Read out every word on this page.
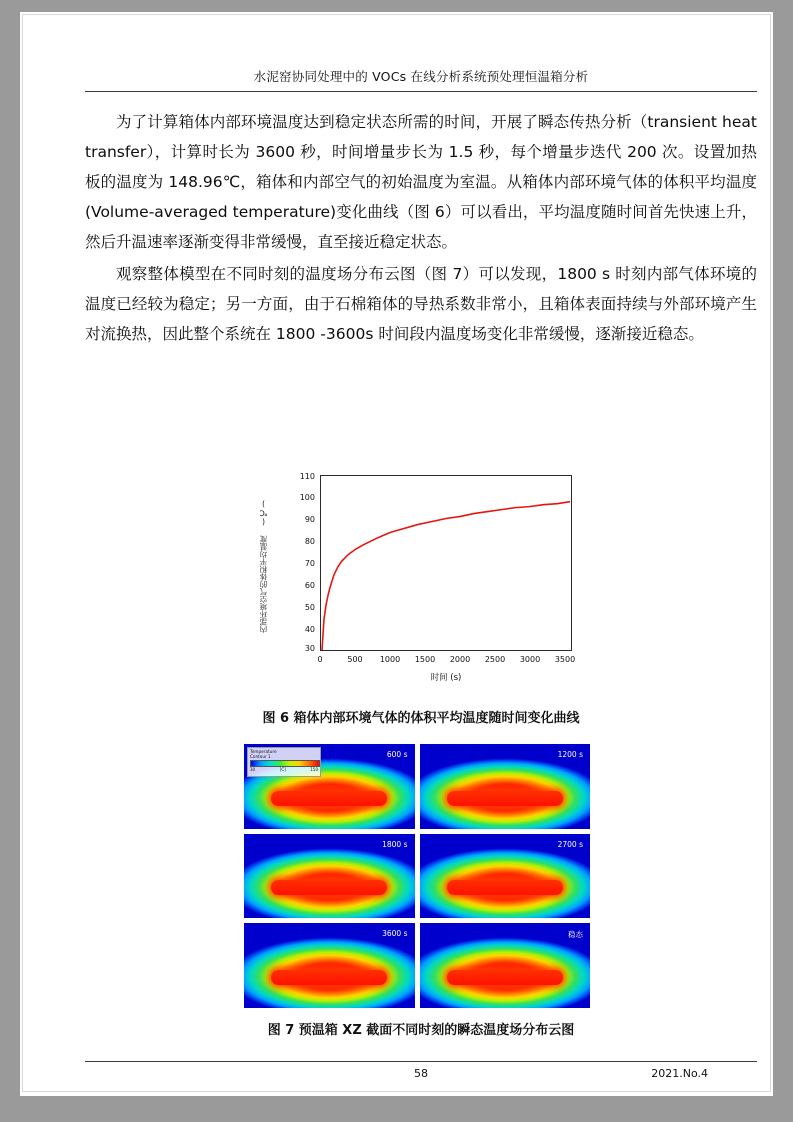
水泥窑协同处理中的 VOCs 在线分析系统预处理恒温箱分析

为了计算箱体内部环境温度达到稳定状态所需的时间，开展了瞬态传热分析（transient heat transfer），计算时长为 3600 秒，时间增量步长为 1.5 秒，每个增量步迭代 200 次。设置加热板的温度为 148.96℃，箱体和内部空气的初始温度为室温。从箱体内部环境气体的体积平均温度(Volume-averaged temperature)变化曲线（图 6）可以看出，平均温度随时间首先快速上升，然后升温速率逐渐变得非常缓慢，直至接近稳定状态。

观察整体模型在不同时刻的温度场分布云图（图 7）可以发现，1800 s 时刻内部气体环境的温度已经较为稳定；另一方面，由于石棉箱体的导热系数非常小，且箱体表面持续与外部环境产生对流换热，因此整个系统在 1800 -3600s 时间段内温度场变化非常缓慢，逐渐接近稳态。

内部环境空气的体积平均温度 (℃)
110
100
90
80
70
60
50
40
30
0	500	1000	1500	2000	2500	3000	3500
时间 (s)
图 6 箱体内部环境气体的体积平均温度随时间变化曲线
Temperature
Contour 1
30	[C]	150
600 s	1200 s
1800 s	2700 s
3600 s	稳态
图 7 预温箱 XZ 截面不同时刻的瞬态温度场分布云图
58	2021.No.4
